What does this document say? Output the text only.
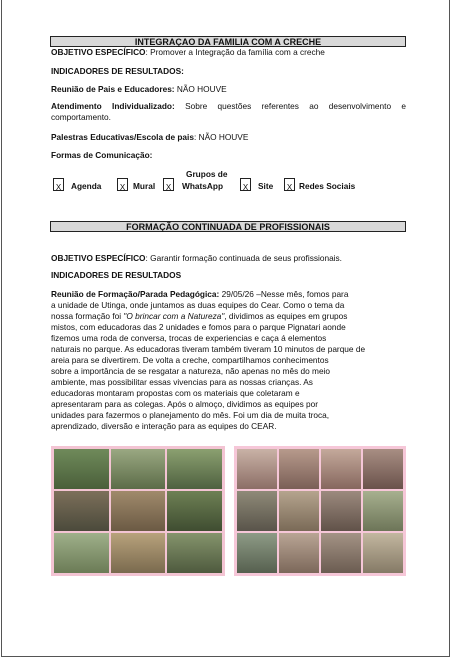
INTEGRAÇAO DA FAMILIA COM A CRECHE
OBJETIVO ESPECÍFICO: Promover a Integração da família com a creche
INDICADORES DE RESULTADOS:
Reunião de Pais e Educadores: NÃO HOUVE
Atendimento Individualizado: Sobre questões referentes ao desenvolvimento e comportamento.
Palestras Educativas/Escola de pais: NÃO HOUVE
Formas de Comunicação:
X	Agenda	X Mural	X
Grupos de
WhatsApp	X	Site	X Redes Sociais
FORMAÇÃO CONTINUADA DE PROFISSIONAIS
OBJETIVO ESPECÍFICO: Garantir formação continuada de seus profissionais.
INDICADORES DE RESULTADOS
Reunião de Formação/Parada Pedagógica: 29/05/26 –Nesse mês, fomos para
a unidade de Utinga, onde juntamos as duas equipes do Cear. Como o tema da
nossa formação foi "O brincar com a Natureza", dividimos as equipes em grupos
mistos, com educadoras das 2 unidades e fomos para o parque Pignatari aonde
fizemos uma roda de conversa, trocas de experiencias e caça á elementos
naturais no parque. As educadoras tiveram também tiveram 10 minutos de parque de
areia para se divertirem. De volta a creche, compartilhamos conhecimentos
sobre a importância de se resgatar a natureza, não apenas no mês do meio
ambiente, mas possibilitar essas vivencias para as nossas crianças. As
educadoras montaram propostas com os materiais que coletaram e
apresentaram para as colegas. Após o almoço, dividimos as equipes por
unidades para fazermos o planejamento do mês. Foi um dia de muita troca,
aprendizado, diversão e interação para as equipes do CEAR.
